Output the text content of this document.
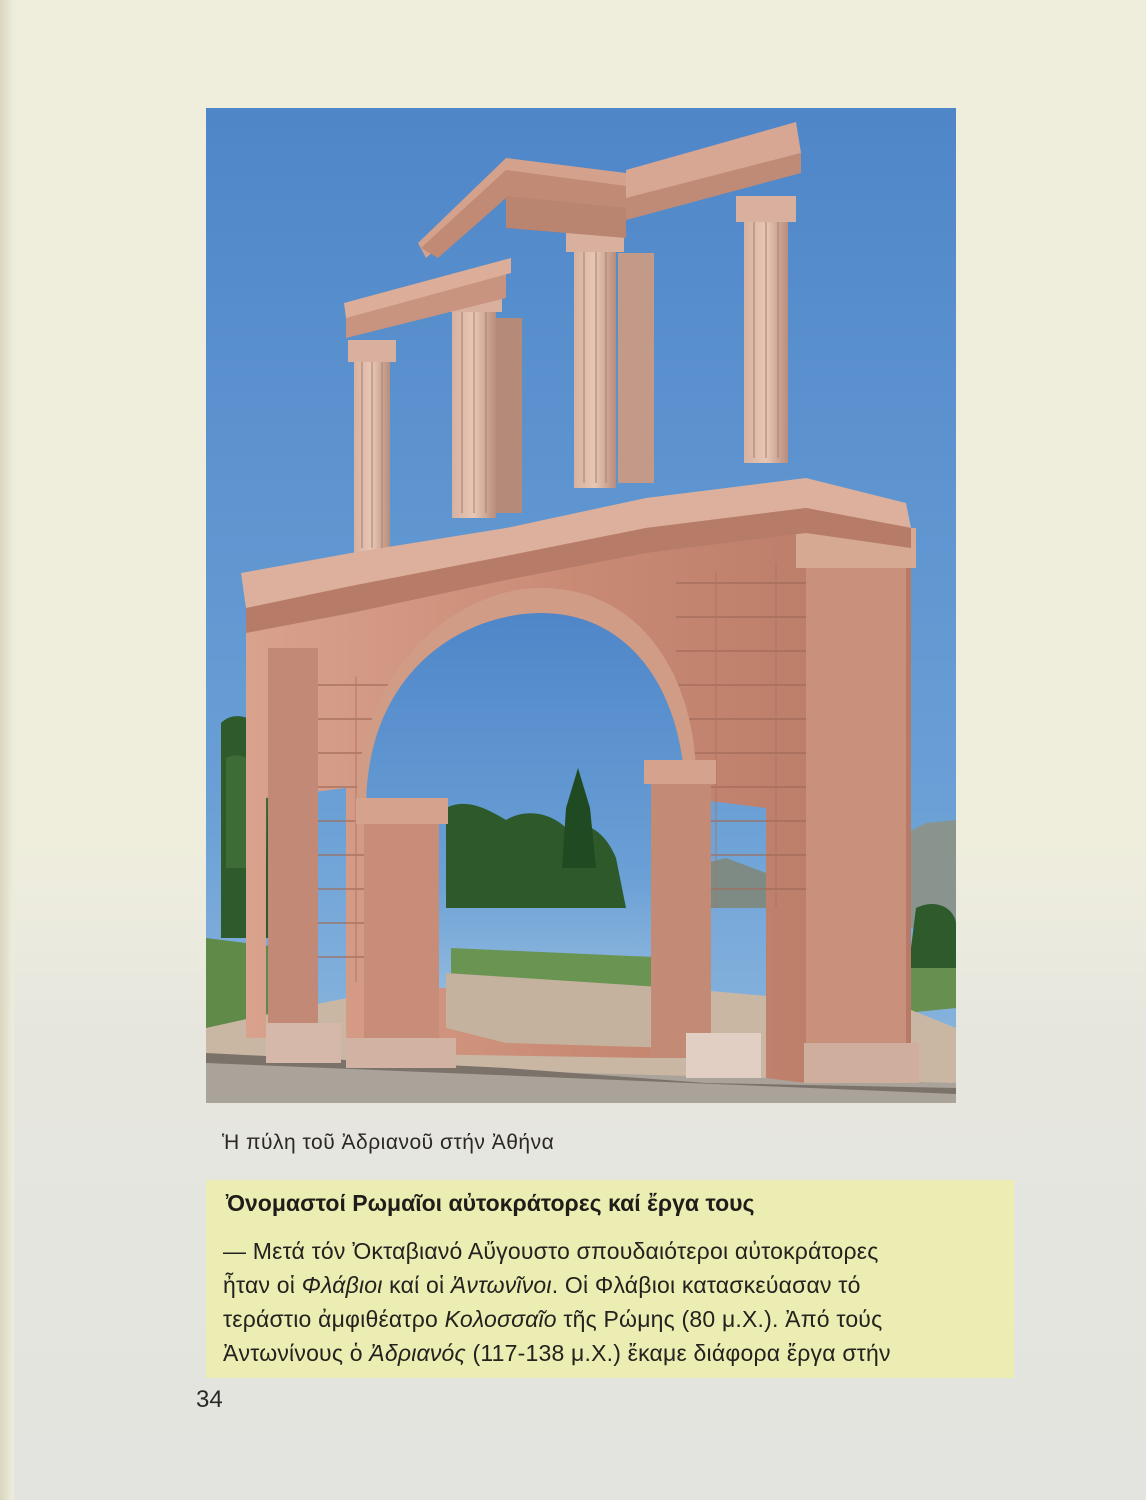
Ἡ πύλη τοῦ Ἀδριανοῦ στήν Ἀθήνα
Ὀνομαστοί Ρωμαῖοι αὐτοκράτορες καί ἔργα τους
— Μετά τόν Ὀκταβιανό Αὔγουστο σπουδαιότεροι αὐτοκράτορες
ἦταν οἱ Φλάβιοι καί οἱ Ἀντωνῖνοι. Οἱ Φλάβιοι κατασκεύασαν τό
τεράστιο ἀμφιθέατρο Κολοσσαῖο τῆς Ρώμης (80 μ.Χ.). Ἀπό τούς
Ἀντωνίνους ὁ Ἀδριανός (117-138 μ.Χ.) ἔκαμε διάφορα ἔργα στήν
34
